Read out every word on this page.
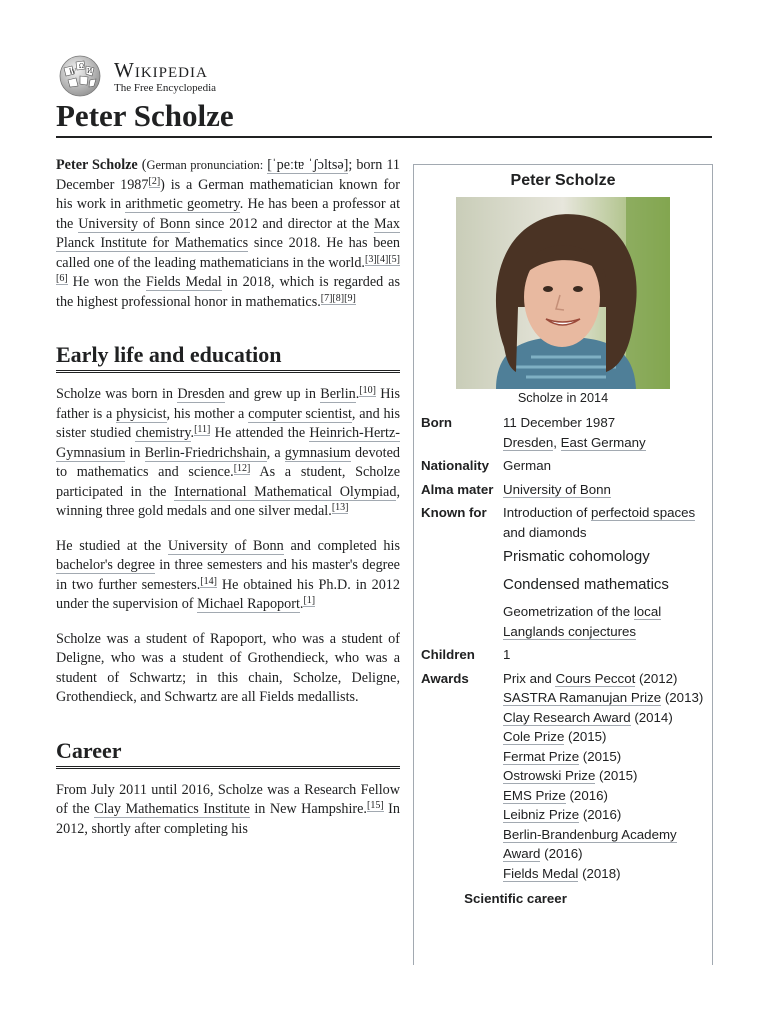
W
Ω
И Wikipedia
The Free Encyclopedia
Peter Scholze

Peter Scholze (German pronunciation: [ˈpeːtɐ ˈʃɔltsə]; born 11 December 1987[2]) is a German mathematician known for his work in arithmetic geometry. He has been a professor at the University of Bonn since 2012 and director at the Max Planck Institute for Mathematics since 2018. He has been called one of the leading mathematicians in the world.[3][4][5][6] He won the Fields Medal in 2018, which is regarded as the highest professional honor in mathematics.[7][8][9]

Early life and education

Scholze was born in Dresden and grew up in Berlin.[10] His father is a physicist, his mother a computer scientist, and his sister studied chemistry.[11] He attended the Heinrich-Hertz-Gymnasium in Berlin-Friedrichshain, a gymnasium devoted to mathematics and science.[12] As a student, Scholze participated in the International Mathematical Olympiad, winning three gold medals and one silver medal.[13]

He studied at the University of Bonn and completed his bachelor's degree in three semesters and his master's degree in two further semesters.[14] He obtained his Ph.D. in 2012 under the supervision of Michael Rapoport.[1]

Scholze was a student of Rapoport, who was a student of Deligne, who was a student of Grothendieck, who was a student of Schwartz; in this chain, Scholze, Deligne, Grothendieck, and Schwartz are all Fields medallists.

Career

From July 2011 until 2016, Scholze was a Research Fellow of the Clay Mathematics Institute in New Hampshire.[15] In 2012, shortly after completing his

Peter Scholze
Scholze in 2014
Born	11 December 1987
Dresden, East Germany
Nationality	German
Alma mater University of Bonn
Known for	Introduction of perfectoid spaces and diamonds
Prismatic cohomology
Condensed mathematics
Geometrization of the local Langlands conjectures
Children	1
Awards	Prix and Cours Peccot (2012)
SASTRA Ramanujan Prize (2013)
Clay Research Award (2014)
Cole Prize (2015)
Fermat Prize (2015)
Ostrowski Prize (2015)
EMS Prize (2016)
Leibniz Prize (2016)
Berlin-Brandenburg Academy Award (2016)
Fields Medal (2018)
Scientific career
